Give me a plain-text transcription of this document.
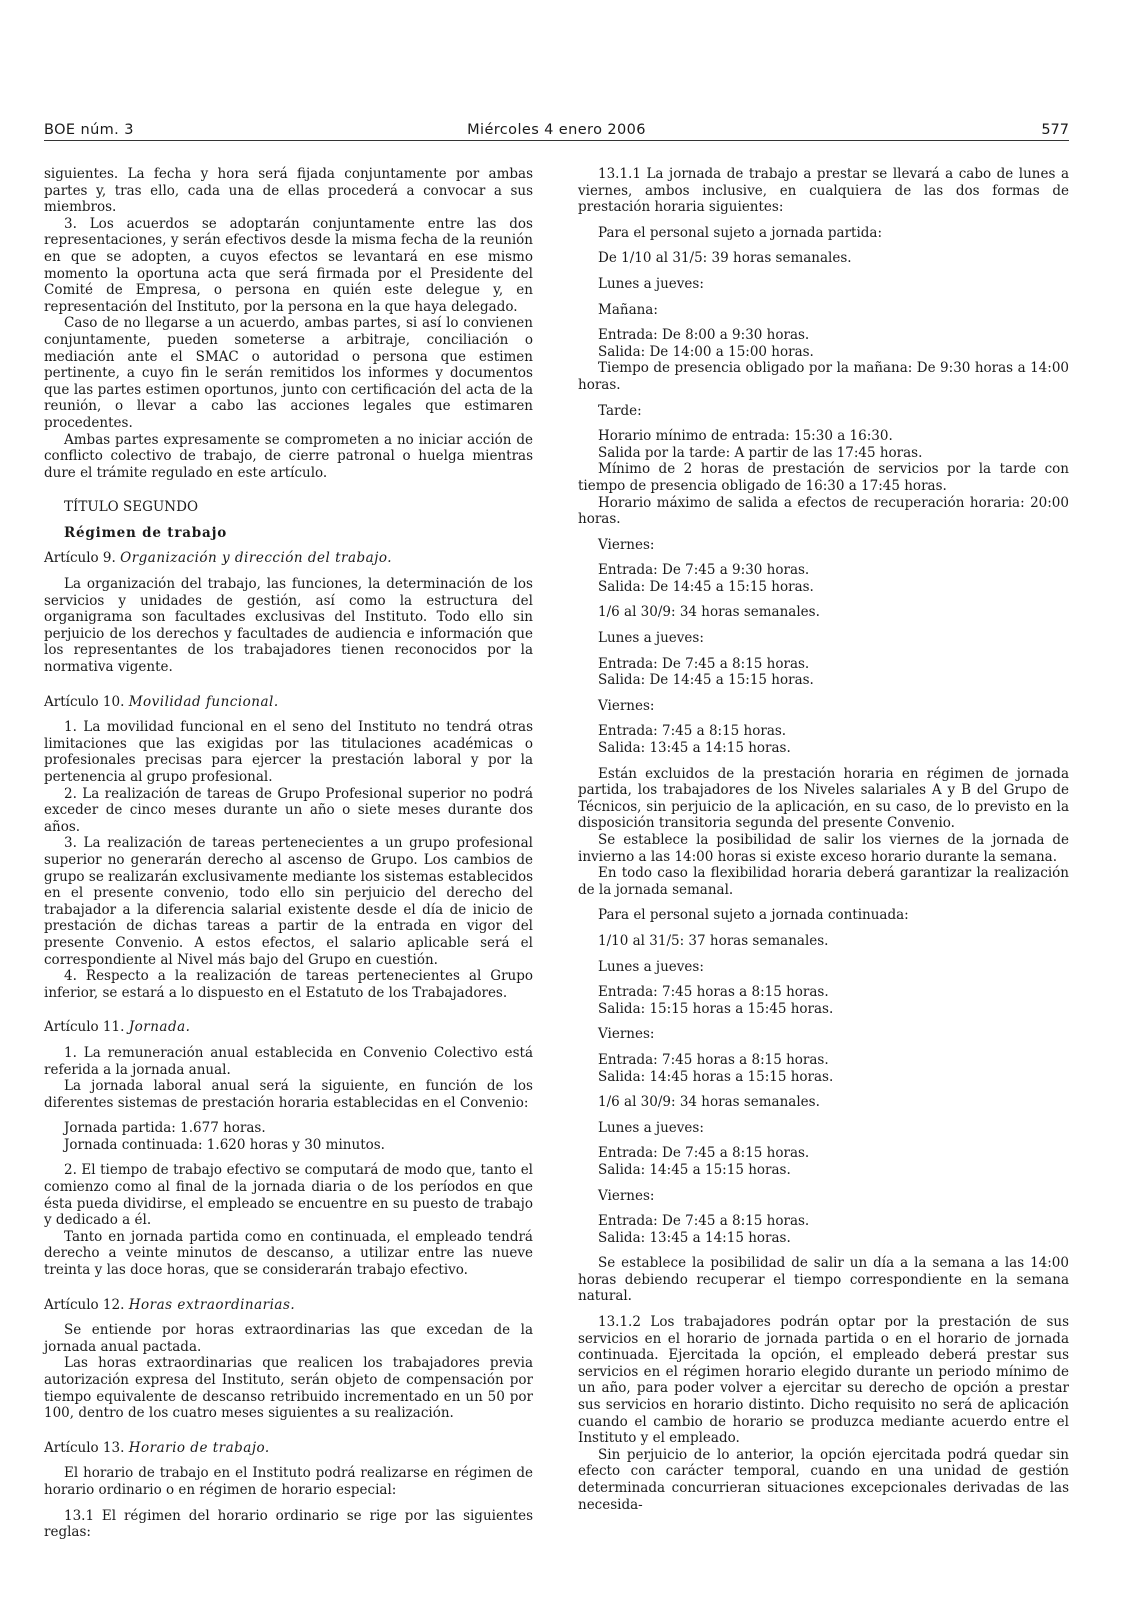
BOE núm. 3	Miércoles 4 enero 2006	577

siguientes. La fecha y hora será fijada conjuntamente por ambas partes y, tras ello, cada una de ellas procederá a convocar a sus miembros.

3. Los acuerdos se adoptarán conjuntamente entre las dos representaciones, y serán efectivos desde la misma fecha de la reunión en que se adopten, a cuyos efectos se levantará en ese mismo momento la oportuna acta que será firmada por el Presidente del Comité de Empresa, o persona en quién este delegue y, en representación del Instituto, por la persona en la que haya delegado.

Caso de no llegarse a un acuerdo, ambas partes, si así lo convienen conjuntamente, pueden someterse a arbitraje, conciliación o mediación ante el SMAC o autoridad o persona que estimen pertinente, a cuyo fin le serán remitidos los informes y documentos que las partes estimen oportunos, junto con certificación del acta de la reunión, o llevar a cabo las acciones legales que estimaren procedentes.

Ambas partes expresamente se comprometen a no iniciar acción de conflicto colectivo de trabajo, de cierre patronal o huelga mientras dure el trámite regulado en este artículo.

TÍTULO SEGUNDO

Régimen de trabajo

Artículo 9. Organización y dirección del trabajo.

La organización del trabajo, las funciones, la determinación de los servicios y unidades de gestión, así como la estructura del organigrama son facultades exclusivas del Instituto. Todo ello sin perjuicio de los derechos y facultades de audiencia e información que los representantes de los trabajadores tienen reconocidos por la normativa vigente.

Artículo 10. Movilidad funcional.

1. La movilidad funcional en el seno del Instituto no tendrá otras limitaciones que las exigidas por las titulaciones académicas o profesionales precisas para ejercer la prestación laboral y por la pertenencia al grupo profesional.

2. La realización de tareas de Grupo Profesional superior no podrá exceder de cinco meses durante un año o siete meses durante dos años.

3. La realización de tareas pertenecientes a un grupo profesional superior no generarán derecho al ascenso de Grupo. Los cambios de grupo se realizarán exclusivamente mediante los sistemas establecidos en el presente convenio, todo ello sin perjuicio del derecho del trabajador a la diferencia salarial existente desde el día de inicio de prestación de dichas tareas a partir de la entrada en vigor del presente Convenio. A estos efectos, el salario aplicable será el correspondiente al Nivel más bajo del Grupo en cuestión.

4. Respecto a la realización de tareas pertenecientes al Grupo inferior, se estará a lo dispuesto en el Estatuto de los Trabajadores.

Artículo 11. Jornada.

1. La remuneración anual establecida en Convenio Colectivo está referida a la jornada anual.

La jornada laboral anual será la siguiente, en función de los diferentes sistemas de prestación horaria establecidas en el Convenio:

Jornada partida: 1.677 horas.

Jornada continuada: 1.620 horas y 30 minutos.

2. El tiempo de trabajo efectivo se computará de modo que, tanto el comienzo como al final de la jornada diaria o de los períodos en que ésta pueda dividirse, el empleado se encuentre en su puesto de trabajo y dedicado a él.

Tanto en jornada partida como en continuada, el empleado tendrá derecho a veinte minutos de descanso, a utilizar entre las nueve treinta y las doce horas, que se considerarán trabajo efectivo.

Artículo 12. Horas extraordinarias.

Se entiende por horas extraordinarias las que excedan de la jornada anual pactada.

Las horas extraordinarias que realicen los trabajadores previa autorización expresa del Instituto, serán objeto de compensación por tiempo equivalente de descanso retribuido incrementado en un 50 por 100, dentro de los cuatro meses siguientes a su realización.

Artículo 13. Horario de trabajo.

El horario de trabajo en el Instituto podrá realizarse en régimen de horario ordinario o en régimen de horario especial:

13.1 El régimen del horario ordinario se rige por las siguientes reglas:

13.1.1 La jornada de trabajo a prestar se llevará a cabo de lunes a viernes, ambos inclusive, en cualquiera de las dos formas de prestación horaria siguientes:

Para el personal sujeto a jornada partida:

De 1/10 al 31/5: 39 horas semanales.

Lunes a jueves:

Mañana:

Entrada: De 8:00 a 9:30 horas.

Salida: De 14:00 a 15:00 horas.

Tiempo de presencia obligado por la mañana: De 9:30 horas a 14:00 horas.

Tarde:

Horario mínimo de entrada: 15:30 a 16:30.

Salida por la tarde: A partir de las 17:45 horas.

Mínimo de 2 horas de prestación de servicios por la tarde con tiempo de presencia obligado de 16:30 a 17:45 horas.

Horario máximo de salida a efectos de recuperación horaria: 20:00 horas.

Viernes:

Entrada: De 7:45 a 9:30 horas.

Salida: De 14:45 a 15:15 horas.

1/6 al 30/9: 34 horas semanales.

Lunes a jueves:

Entrada: De 7:45 a 8:15 horas.

Salida: De 14:45 a 15:15 horas.

Viernes:

Entrada: 7:45 a 8:15 horas.

Salida: 13:45 a 14:15 horas.

Están excluidos de la prestación horaria en régimen de jornada partida, los trabajadores de los Niveles salariales A y B del Grupo de Técnicos, sin perjuicio de la aplicación, en su caso, de lo previsto en la disposición transitoria segunda del presente Convenio.

Se establece la posibilidad de salir los viernes de la jornada de invierno a las 14:00 horas si existe exceso horario durante la semana.

En todo caso la flexibilidad horaria deberá garantizar la realización de la jornada semanal.

Para el personal sujeto a jornada continuada:

1/10 al 31/5: 37 horas semanales.

Lunes a jueves:

Entrada: 7:45 horas a 8:15 horas.

Salida: 15:15 horas a 15:45 horas.

Viernes:

Entrada: 7:45 horas a 8:15 horas.

Salida: 14:45 horas a 15:15 horas.

1/6 al 30/9: 34 horas semanales.

Lunes a jueves:

Entrada: De 7:45 a 8:15 horas.

Salida: 14:45 a 15:15 horas.

Viernes:

Entrada: De 7:45 a 8:15 horas.

Salida: 13:45 a 14:15 horas.

Se establece la posibilidad de salir un día a la semana a las 14:00 horas debiendo recuperar el tiempo correspondiente en la semana natural.

13.1.2 Los trabajadores podrán optar por la prestación de sus servicios en el horario de jornada partida o en el horario de jornada continuada. Ejercitada la opción, el empleado deberá prestar sus servicios en el régimen horario elegido durante un periodo mínimo de un año, para poder volver a ejercitar su derecho de opción a prestar sus servicios en horario distinto. Dicho requisito no será de aplicación cuando el cambio de horario se produzca mediante acuerdo entre el Instituto y el empleado.

Sin perjuicio de lo anterior, la opción ejercitada podrá quedar sin efecto con carácter temporal, cuando en una unidad de gestión determinada concurrieran situaciones excepcionales derivadas de las necesida-
